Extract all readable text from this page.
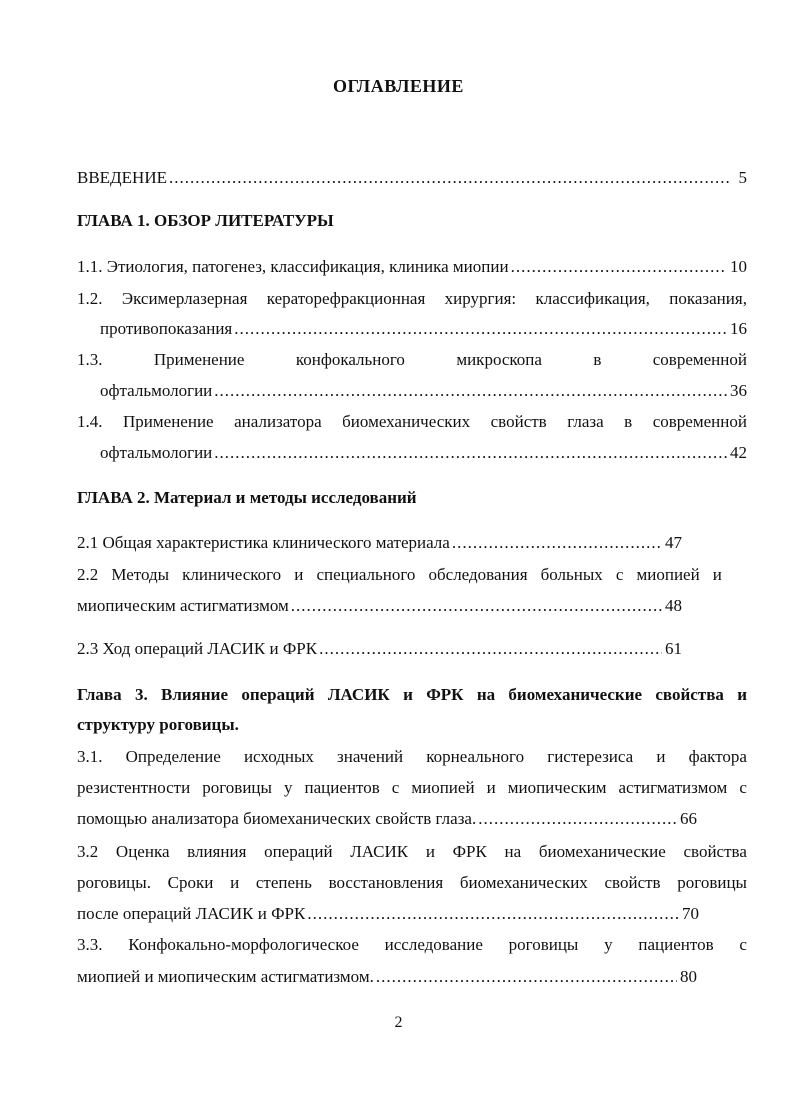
ОГЛАВЛЕНИЕ
ВВЕДЕНИЕ .....	5
ГЛАВА 1. ОБЗОР ЛИТЕРАТУРЫ
1.1. Этиология, патогенез, классификация, клиника миопии .....	10
1.2. Эксимерлазерная кераторефракционная хирургия: классификация, показания,
противопоказания .....	16
1.3.	Применение	конфокального	микроскопа	в	современной
офтальмологии .....	36
1.4. Применение анализатора биомеханических свойств глаза в современной
офтальмологии .....	42
ГЛАВА 2. Материал и методы исследований
2.1 Общая характеристика клинического материала .....	47
2.2 Методы клинического и специального обследования больных с миопией и
миопическим астигматизмом .....	48
2.3 Ход операций ЛАСИК и ФРК .....	61
Глава 3. Влияние операций ЛАСИК и ФРК на биомеханические свойства и
структуру роговицы.
3.1. Определение исходных значений корнеального гистерезиса и фактора
резистентности роговицы у пациентов с миопией и миопическим астигматизмом с
помощью анализатора биомеханических свойств глаза. .....	66
3.2 Оценка влияния операций ЛАСИК и ФРК на биомеханические свойства
роговицы. Сроки и степень восстановления биомеханических свойств роговицы
после операций ЛАСИК и ФРК .....	70
3.3. Конфокально-морфологическое исследование роговицы у пациентов с
миопией и миопическим астигматизмом. .....	80
2
